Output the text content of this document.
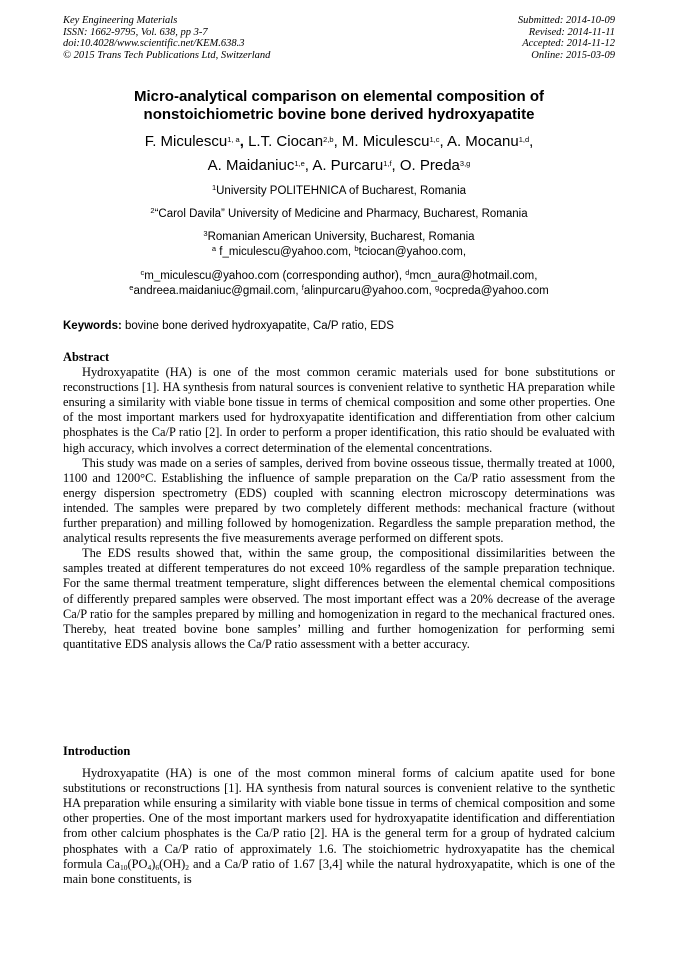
Key Engineering Materials
ISSN: 1662-9795, Vol. 638, pp 3-7
doi:10.4028/www.scientific.net/KEM.638.3
© 2015 Trans Tech Publications Ltd, Switzerland
Submitted: 2014-10-09
Revised: 2014-11-11
Accepted: 2014-11-12
Online: 2015-03-09
Micro-analytical comparison on elemental composition of
nonstoichiometric bovine bone derived hydroxyapatite
F. Miculescu$^{1, a}$, L.T. Ciocan$^{2,b}$, M. Miculescu$^{1,c}$, A. Mocanu$^{1,d}$,
A. Maidaniuc$^{1,e}$, A. Purcaru$^{1,f}$, O. Preda$^{3,g}$
$^1$University POLITEHNICA of Bucharest, Romania
$^2$“Carol Davila” University of Medicine and Pharmacy, Bucharest, Romania
$^3$Romanian American University, Bucharest, Romania
$^a$ f_miculescu@yahoo.com, $^b$tciocan@yahoo.com,
$^c$m_miculescu@yahoo.com (corresponding author), $^d$mcn_aura@hotmail.com,
$^e$andreea.maidaniuc@gmail.com, $^f$alinpurcaru@yahoo.com, $^g$ocpreda@yahoo.com
Keywords: bovine bone derived hydroxyapatite, Ca/P ratio, EDS

Abstract

Hydroxyapatite (HA) is one of the most common ceramic materials used for bone substitutions or reconstructions [1]. HA synthesis from natural sources is convenient relative to synthetic HA preparation while ensuring a similarity with viable bone tissue in terms of chemical composition and some other properties. One of the most important markers used for hydroxyapatite identification and differentiation from other calcium phosphates is the Ca/P ratio [2]. In order to perform a proper identification, this ratio should be evaluated with high accuracy, which involves a correct determination of the elemental concentrations.

This study was made on a series of samples, derived from bovine osseous tissue, thermally treated at 1000, 1100 and 1200°C. Establishing the influence of sample preparation on the Ca/P ratio assessment from the energy dispersion spectrometry (EDS) coupled with scanning electron microscopy determinations was intended. The samples were prepared by two completely different methods: mechanical fracture (without further preparation) and milling followed by homogenization. Regardless the sample preparation method, the analytical results represents the five measurements average performed on different spots.

The EDS results showed that, within the same group, the compositional dissimilarities between the samples treated at different temperatures do not exceed 10% regardless of the sample preparation technique. For the same thermal treatment temperature, slight differences between the elemental chemical compositions of differently prepared samples were observed. The most important effect was a 20% decrease of the average Ca/P ratio for the samples prepared by milling and homogenization in regard to the mechanical fractured ones. Thereby, heat treated bovine bone samples’ milling and further homogenization for performing semi quantitative EDS analysis allows the Ca/P ratio assessment with a better accuracy.

Introduction

Hydroxyapatite (HA) is one of the most common mineral forms of calcium apatite used for bone substitutions or reconstructions [1]. HA synthesis from natural sources is convenient relative to the synthetic HA preparation while ensuring a similarity with viable bone tissue in terms of chemical composition and some other properties. One of the most important markers used for hydroxyapatite identification and differentiation from other calcium phosphates is the Ca/P ratio [2]. HA is the general term for a group of hydrated calcium phosphates with a Ca/P ratio of approximately 1.6. The stoichiometric hydroxyapatite has the chemical formula $Ca_{10}(PO_4)_6(OH)_2$ and a Ca/P ratio of 1.67 [3,4] while the natural hydroxyapatite, which is one of the main bone constituents, is
